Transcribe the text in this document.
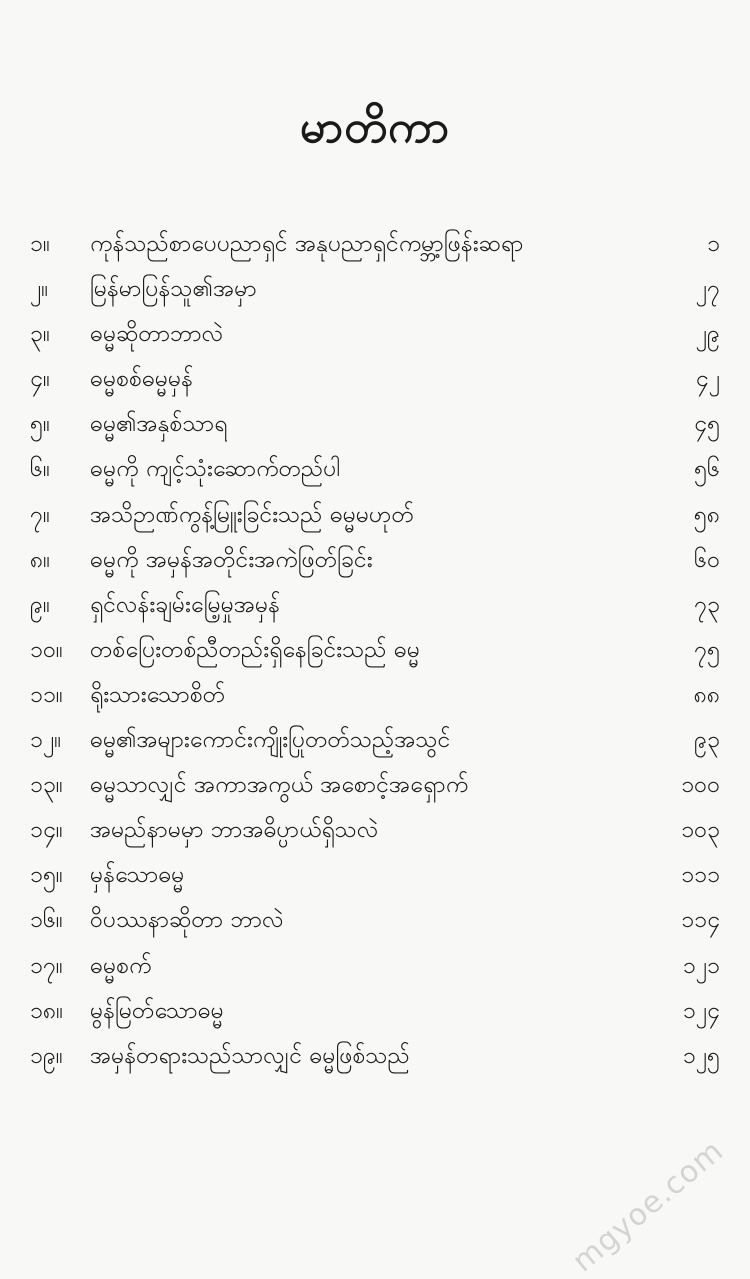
မာတိကာ
၁။	ကုန်သည်စာပေပညာရှင် အနုပညာရှင်ကမ္ဘာ့ဖြန်းဆရာ	၁
၂။	မြန်မာပြန်သူ၏အမှာ	၂၇
၃။	ဓမ္မဆိုတာဘာလဲ	၂၉
၄။	ဓမ္မစစ်ဓမ္မမှန်	၄၂
၅။	ဓမ္မ၏အနှစ်သာရ	၄၅
၆။	ဓမ္မကို ကျင့်သုံးဆောက်တည်ပါ	၅၆
၇။	အသိဉာဏ်ကွန့်မြူးခြင်းသည် ဓမ္မမဟုတ်	၅၈
၈။	ဓမ္မကို အမှန်အတိုင်းအကဲဖြတ်ခြင်း	၆၀
၉။	ရှင်လန်းချမ်းမြေ့မှုအမှန်	၇၃
၁၀။	တစ်ပြေးတစ်ညီတည်းရှိနေခြင်းသည် ဓမ္မ	၇၅
၁၁။	ရိုးသားသောစိတ်	၈၈
၁၂။	ဓမ္မ၏အများကောင်းကျိုးပြုတတ်သည့်အသွင်	၉၃
၁၃။	ဓမ္မသာလျှင် အကာအကွယ် အစောင့်အရှောက်	၁၀၀
၁၄။	အမည်နာမမှာ ဘာအဓိပ္ပာယ်ရှိသလဲ	၁၀၃
၁၅။	မှန်သောဓမ္မ	၁၁၁
၁၆။	ဝိပဿနာဆိုတာ ဘာလဲ	၁၁၄
၁၇။	ဓမ္မစက်	၁၂၁
၁၈။	မွန်မြတ်သောဓမ္မ	၁၂၄
၁၉။	အမှန်တရားသည်သာလျှင် ဓမ္မဖြစ်သည်	၁၂၅
mgyoe.com
